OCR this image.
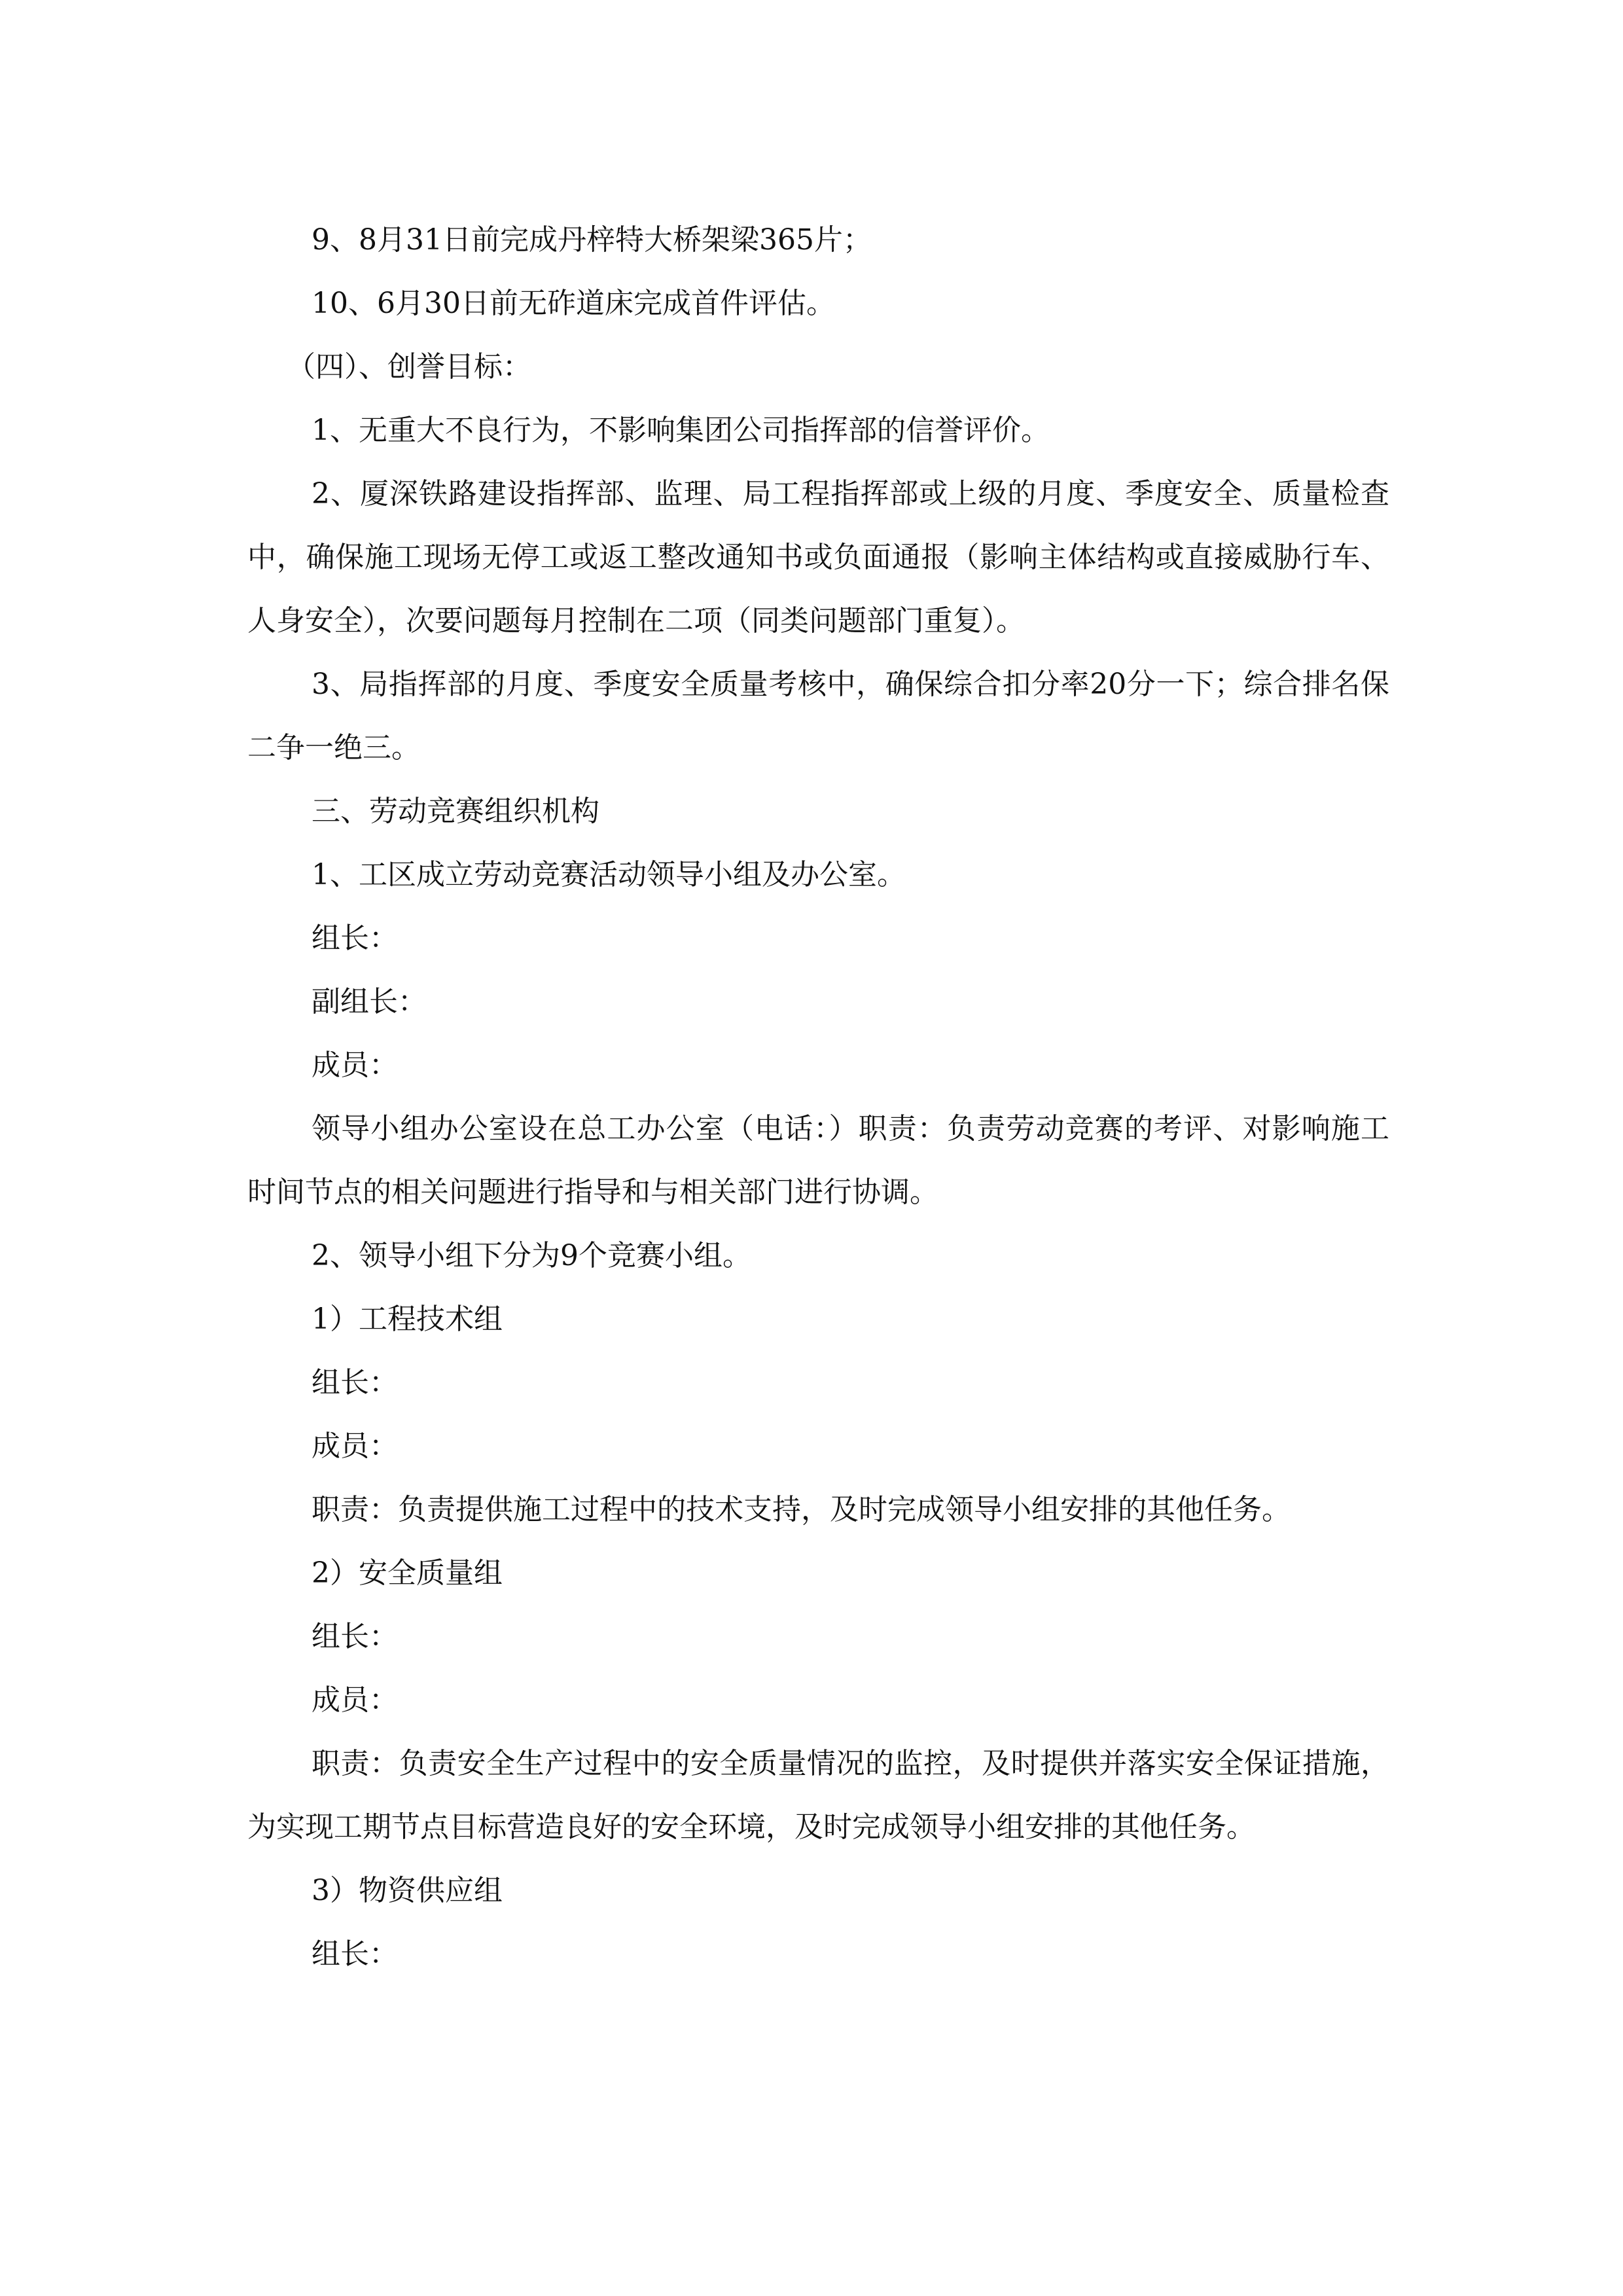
9、8月31日前完成丹梓特大桥架梁365片；

10、6月30日前无砟道床完成首件评估。

（四）、创誉目标：

1、无重大不良行为，不影响集团公司指挥部的信誉评价。

2、厦深铁路建设指挥部、监理、局工程指挥部或上级的月度、季度安全、质量检查中，确保施工现场无停工或返工整改通知书或负面通报（影响主体结构或直接威胁行车、人身安全），次要问题每月控制在二项（同类问题部门重复）。

3、局指挥部的月度、季度安全质量考核中，确保综合扣分率20分一下；综合排名保二争一绝三。

三、劳动竞赛组织机构

1、工区成立劳动竞赛活动领导小组及办公室。

组长：

副组长：

成员：

领导小组办公室设在总工办公室（电话：）职责：负责劳动竞赛的考评、对影响施工时间节点的相关问题进行指导和与相关部门进行协调。

2、领导小组下分为9个竞赛小组。

1）工程技术组

组长：

成员：

职责：负责提供施工过程中的技术支持，及时完成领导小组安排的其他任务。

2）安全质量组

组长：

成员：

职责：负责安全生产过程中的安全质量情况的监控，及时提供并落实安全保证措施，为实现工期节点目标营造良好的安全环境，及时完成领导小组安排的其他任务。

3）物资供应组

组长：
